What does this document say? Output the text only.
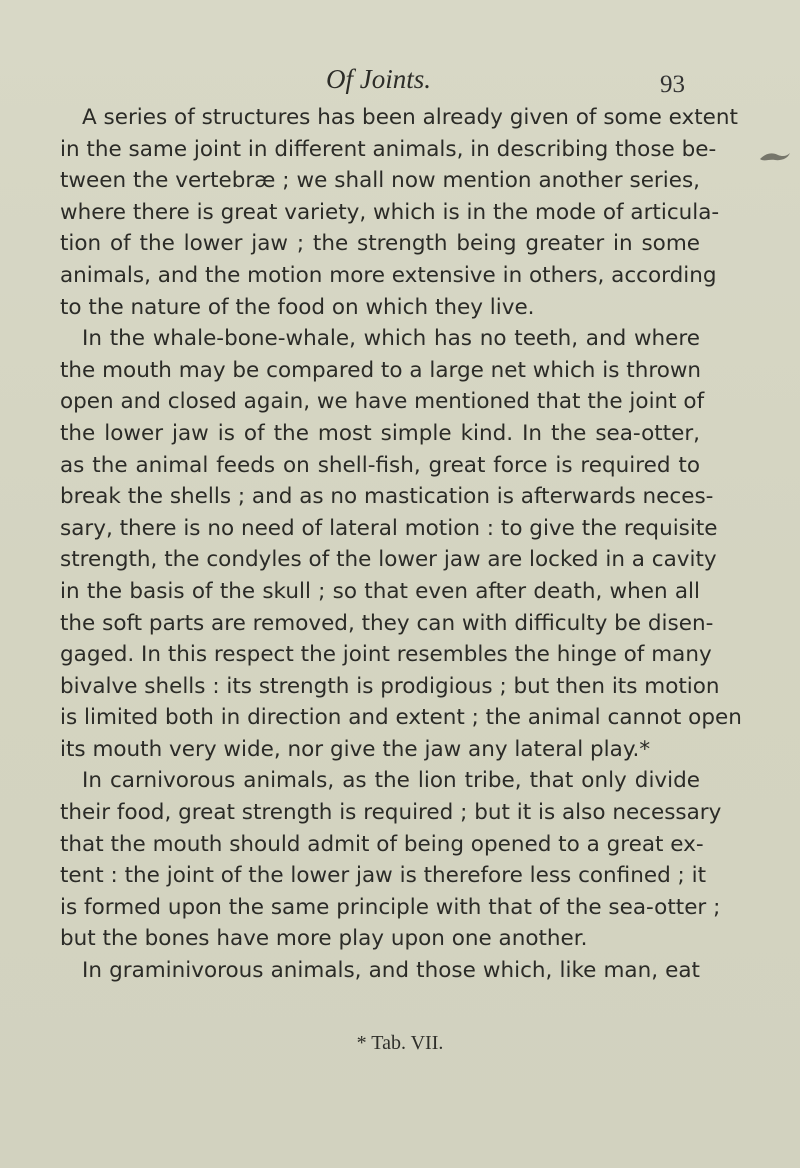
Of Joints.	93
A series of structures has been already given of some extent
in the same joint in different animals, in describing those be-
tween the vertebræ ; we shall now mention another series,
where there is great variety, which is in the mode of articula-
tion of the lower jaw ; the strength being greater in some
animals, and the motion more extensive in others, according
to the nature of the food on which they live.
In the whale-bone-whale, which has no teeth, and where
the mouth may be compared to a large net which is thrown
open and closed again, we have mentioned that the joint of
the lower jaw is of the most simple kind. In the sea-otter,
as the animal feeds on shell-fish, great force is required to
break the shells ; and as no mastication is afterwards neces-
sary, there is no need of lateral motion : to give the requisite
strength, the condyles of the lower jaw are locked in a cavity
in the basis of the skull ; so that even after death, when all
the soft parts are removed, they can with difficulty be disen-
gaged. In this respect the joint resembles the hinge of many
bivalve shells : its strength is prodigious ; but then its motion
is limited both in direction and extent ; the animal cannot open
its mouth very wide, nor give the jaw any lateral play.*
In carnivorous animals, as the lion tribe, that only divide
their food, great strength is required ; but it is also necessary
that the mouth should admit of being opened to a great ex-
tent : the joint of the lower jaw is therefore less confined ; it
is formed upon the same principle with that of the sea-otter ;
but the bones have more play upon one another.
In graminivorous animals, and those which, like man, eat
* Tab. VII.
